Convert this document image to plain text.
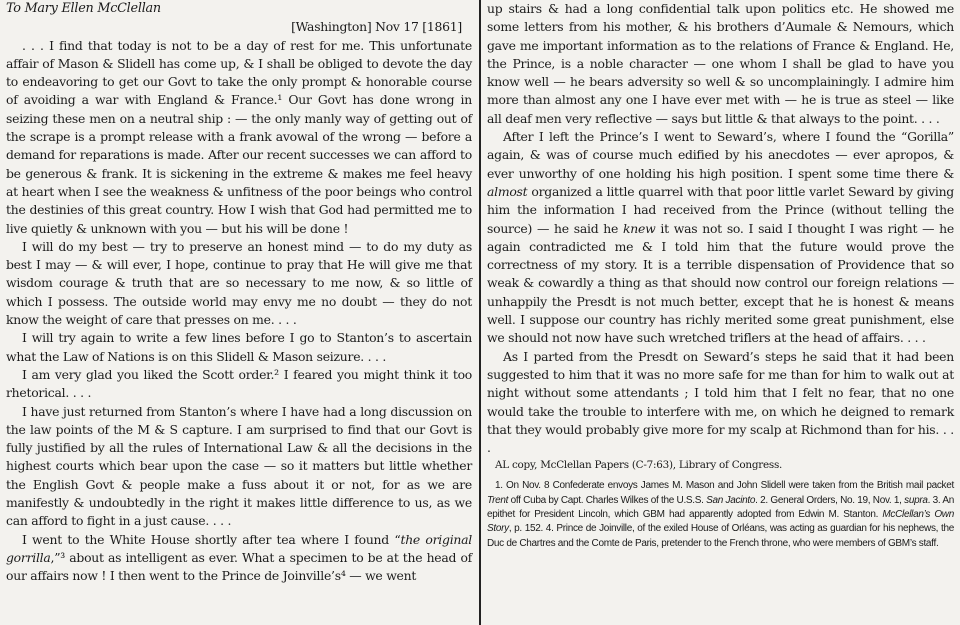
To Mary Ellen McClellan

[Washington] Nov 17 [1861]

. . . I find that today is not to be a day of rest for me. This unfortunate affair of Mason & Slidell has come up, & I shall be obliged to devote the day to endeavoring to get our Govt to take the only prompt & honorable course of avoiding a war with England & France.¹ Our Govt has done wrong in seizing these men on a neutral ship : — the only manly way of getting out of the scrape is a prompt release with a frank avowal of the wrong — before a demand for reparations is made. After our recent successes we can afford to be generous & frank. It is sickening in the extreme & makes me feel heavy at heart when I see the weakness & unfitness of the poor beings who control the destinies of this great country. How I wish that God had permitted me to live quietly & unknown with you — but his will be done !

I will do my best — try to preserve an honest mind — to do my duty as best I may — & will ever, I hope, continue to pray that He will give me that wisdom courage & truth that are so necessary to me now, & so little of which I possess. The outside world may envy me no doubt — they do not know the weight of care that presses on me. . . .

I will try again to write a few lines before I go to Stanton’s to ascertain what the Law of Nations is on this Slidell & Mason seizure. . . .

I am very glad you liked the Scott order.² I feared you might think it too rhetorical. . . .

I have just returned from Stanton’s where I have had a long discussion on the law points of the M & S capture. I am surprised to find that our Govt is fully justified by all the rules of International Law & all the decisions in the highest courts which bear upon the case — so it matters but little whether the English Govt & people make a fuss about it or not, for as we are manifestly & undoubtedly in the right it makes little difference to us, as we can afford to fight in a just cause. . . .

I went to the White House shortly after tea where I found “the original gorrilla,”³ about as intelligent as ever. What a specimen to be at the head of our affairs now ! I then went to the Prince de Joinville’s⁴ — we went

up stairs & had a long confidential talk upon politics etc. He showed me some letters from his mother, & his brothers d’Aumale & Nemours, which gave me important information as to the relations of France & England. He, the Prince, is a noble character — one whom I shall be glad to have you know well — he bears adversity so well & so uncomplainingly. I admire him more than almost any one I have ever met with — he is true as steel — like all deaf men very reflective — says but little & that always to the point. . . .

After I left the Prince’s I went to Seward’s, where I found the “Gorilla” again, & was of course much edified by his anecdotes — ever apropos, & ever unworthy of one holding his high position. I spent some time there & almost organized a little quarrel with that poor little varlet Seward by giving him the information I had received from the Prince (without telling the source) — he said he knew it was not so. I said I thought I was right — he again contradicted me & I told him that the future would prove the correctness of my story. It is a terrible dispensation of Providence that so weak & cowardly a thing as that should now control our foreign relations — unhappily the Presdt is not much better, except that he is honest & means well. I suppose our country has richly merited some great punishment, else we should not now have such wretched triflers at the head of affairs. . . .

As I parted from the Presdt on Seward’s steps he said that it had been suggested to him that it was no more safe for me than for him to walk out at night without some attendants ; I told him that I felt no fear, that no one would take the trouble to interfere with me, on which he deigned to remark that they would probably give more for my scalp at Richmond than for his. . . .

AL copy, McClellan Papers (C-7:63), Library of Congress.

1. On Nov. 8 Confederate envoys James M. Mason and John Slidell were taken from the British mail packet Trent off Cuba by Capt. Charles Wilkes of the U.S.S. San Jacinto. 2. General Orders, No. 19, Nov. 1, supra. 3. An epithet for President Lincoln, which GBM had apparently adopted from Edwin M. Stanton. McClellan’s Own Story, p. 152. 4. Prince de Joinville, of the exiled House of Orléans, was acting as guardian for his nephews, the Duc de Chartres and the Comte de Paris, pretender to the French throne, who were members of GBM’s staff.
